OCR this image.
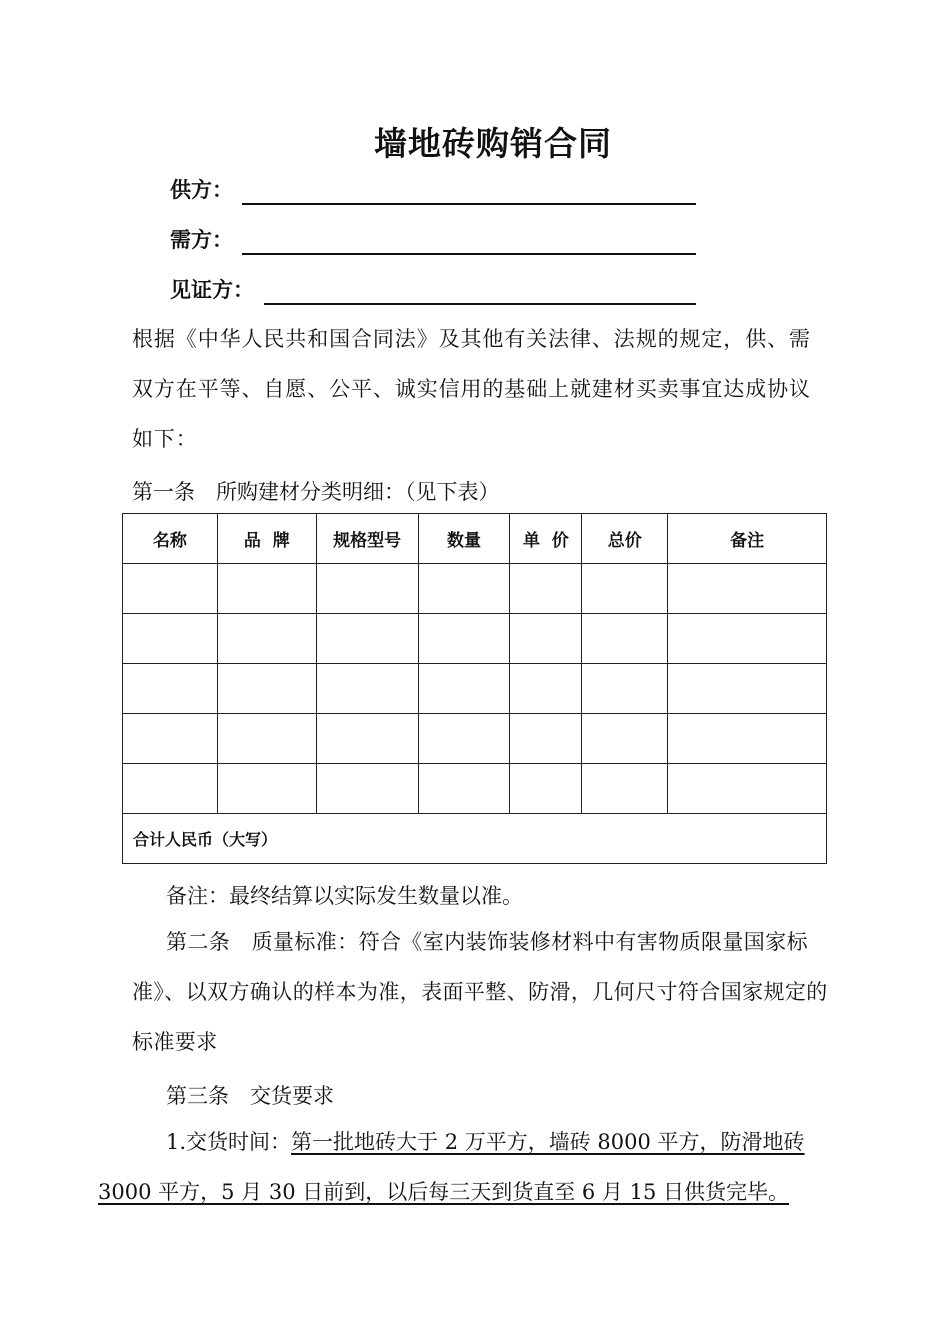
墙地砖购销合同
供方：
需方：
见证方：
根据《中华人民共和国合同法》及其他有关法律、法规的规定，供、需双方在平等、自愿、公平、诚实信用的基础上就建材买卖事宜达成协议如下：
第一条　所购建材分类明细：（见下表）
名称	品  牌	规格型号	数量	单  价	总价	备注

合计人民币（大写）						
备注：最终结算以实际发生数量以准。
第二条　质量标准：符合《室内装饰装修材料中有害物质限量国家标准》、以双方确认的样本为准，表面平整、防滑，几何尺寸符合国家规定的标准要求
第三条　交货要求
1.交货时间：第一批地砖大于 2 万平方，墙砖 8000 平方，防滑地砖
3000 平方，5 月 30 日前到，以后每三天到货直至 6 月 15 日供货完毕。
